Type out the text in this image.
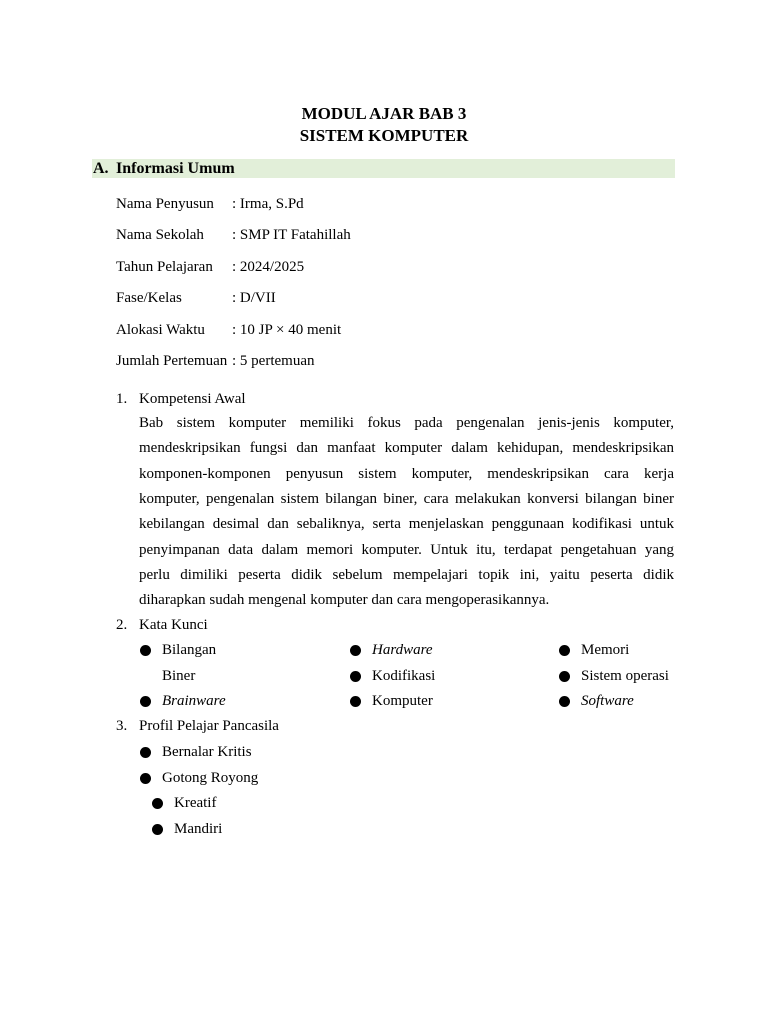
MODUL AJAR BAB 3
SISTEM KOMPUTER
A. Informasi Umum
Nama Penyusun : Irma, S.Pd
Nama Sekolah : SMP IT Fatahillah
Tahun Pelajaran : 2024/2025
Fase/Kelas	: D/VII
Alokasi Waktu : 10 JP × 40 menit
Jumlah Pertemuan : 5 pertemuan
1. Kompetensi Awal
Bab sistem komputer memiliki fokus pada pengenalan jenis-jenis komputer,
mendeskripsikan fungsi dan manfaat komputer dalam kehidupan, mendeskripsikan
komponen-komponen penyusun sistem komputer, mendeskripsikan cara kerja
komputer, pengenalan sistem bilangan biner, cara melakukan konversi bilangan biner
kebilangan desimal dan sebaliknya, serta menjelaskan penggunaan kodifikasi untuk
penyimpanan data dalam memori komputer. Untuk itu, terdapat pengetahuan yang
perlu dimiliki peserta didik sebelum mempelajari topik ini, yaitu peserta didik
diharapkan sudah mengenal komputer dan cara mengoperasikannya.
2. Kata Kunci
Bilangan
Biner
Hardware	Memori
Kodifikasi	Sistem operasi
Brainware	Komputer	Software
3. Profil Pelajar Pancasila
Bernalar Kritis
Gotong Royong
Kreatif
Mandiri
